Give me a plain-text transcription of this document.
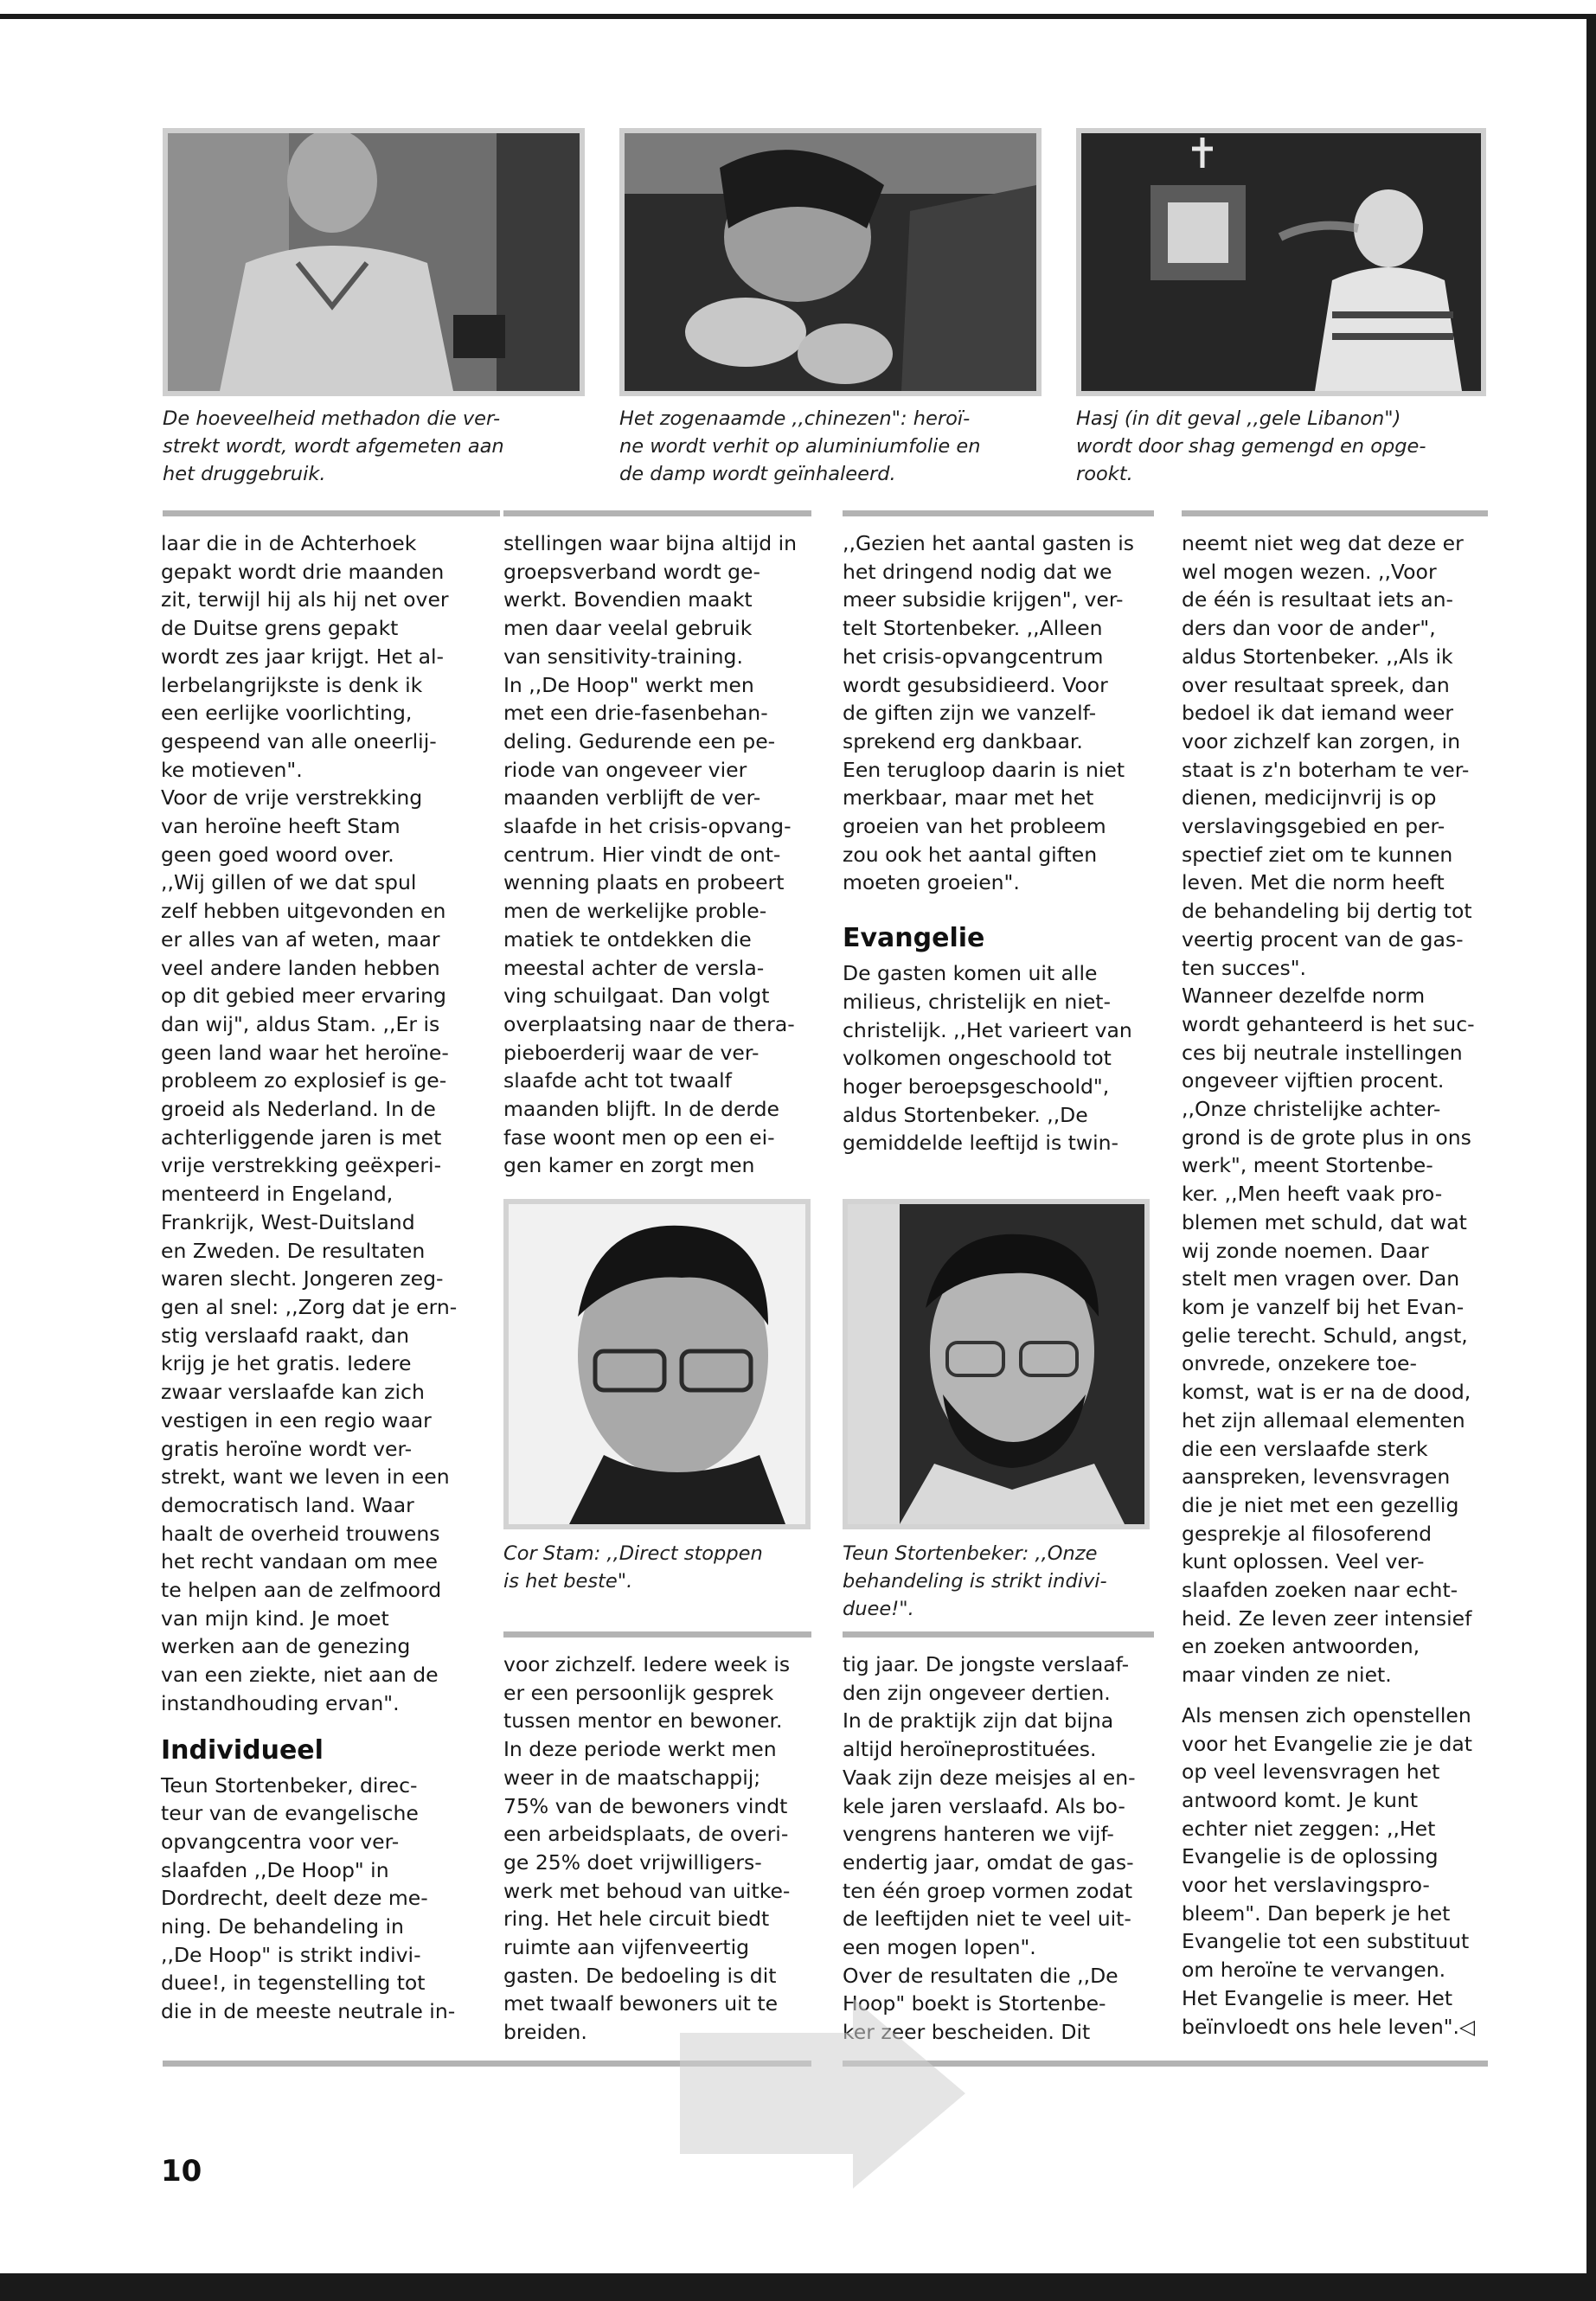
De hoeveelheid methadon die ver-
strekt wordt, wordt afgemeten aan
het druggebruik.

Het zogenaamde ,,chinezen": heroï-
ne wordt verhit op aluminiumfolie en
de damp wordt geïnhaleerd.

Hasj (in dit geval ,,gele Libanon")
wordt door shag gemengd en opge-
rookt.

laar die in de Achterhoek
gepakt wordt drie maanden
zit, terwijl hij als hij net over
de Duitse grens gepakt
wordt zes jaar krijgt. Het al-
lerbelangrijkste is denk ik
een eerlijke voorlichting,
gespeend van alle oneerlij-
ke motieven".
Voor de vrije verstrekking
van heroïne heeft Stam
geen goed woord over.
,,Wij gillen of we dat spul
zelf hebben uitgevonden en
er alles van af weten, maar
veel andere landen hebben
op dit gebied meer ervaring
dan wij", aldus Stam. ,,Er is
geen land waar het heroïne-
probleem zo explosief is ge-
groeid als Nederland. In de
achterliggende jaren is met
vrije verstrekking geëxperi-
menteerd in Engeland,
Frankrijk, West-Duitsland
en Zweden. De resultaten
waren slecht. Jongeren zeg-
gen al snel: ,,Zorg dat je ern-
stig verslaafd raakt, dan
krijg je het gratis. Iedere
zwaar verslaafde kan zich
vestigen in een regio waar
gratis heroïne wordt ver-
strekt, want we leven in een
democratisch land. Waar
haalt de overheid trouwens
het recht vandaan om mee
te helpen aan de zelfmoord
van mijn kind. Je moet
werken aan de genezing
van een ziekte, niet aan de
instandhouding ervan".

Individueel

Teun Stortenbeker, direc-
teur van de evangelische
opvangcentra voor ver-
slaafden ,,De Hoop" in
Dordrecht, deelt deze me-
ning. De behandeling in
,,De Hoop" is strikt indivi-
duee!, in tegenstelling tot
die in de meeste neutrale in-

stellingen waar bijna altijd in
groepsverband wordt ge-
werkt. Bovendien maakt
men daar veelal gebruik
van sensitivity-training.
In ,,De Hoop" werkt men
met een drie-fasenbehan-
deling. Gedurende een pe-
riode van ongeveer vier
maanden verblijft de ver-
slaafde in het crisis-opvang-
centrum. Hier vindt de ont-
wenning plaats en probeert
men de werkelijke proble-
matiek te ontdekken die
meestal achter de versla-
ving schuilgaat. Dan volgt
overplaatsing naar de thera-
pieboerderij waar de ver-
slaafde acht tot twaalf
maanden blijft. In de derde
fase woont men op een ei-
gen kamer en zorgt men

Cor Stam: ,,Direct stoppen
is het beste".

voor zichzelf. Iedere week is
er een persoonlijk gesprek
tussen mentor en bewoner.
In deze periode werkt men
weer in de maatschappij;
75% van de bewoners vindt
een arbeidsplaats, de overi-
ge 25% doet vrijwilligers-
werk met behoud van uitke-
ring. Het hele circuit biedt
ruimte aan vijfenveertig
gasten. De bedoeling is dit
met twaalf bewoners uit te
breiden.

,,Gezien het aantal gasten is
het dringend nodig dat we
meer subsidie krijgen", ver-
telt Stortenbeker. ,,Alleen
het crisis-opvangcentrum
wordt gesubsidieerd. Voor
de giften zijn we vanzelf-
sprekend erg dankbaar.
Een terugloop daarin is niet
merkbaar, maar met het
groeien van het probleem
zou ook het aantal giften
moeten groeien".

Evangelie

De gasten komen uit alle
milieus, christelijk en niet-
christelijk. ,,Het varieert van
volkomen ongeschoold tot
hoger beroepsgeschoold",
aldus Stortenbeker. ,,De
gemiddelde leeftijd is twin-

Teun Stortenbeker: ,,Onze
behandeling is strikt indivi-
duee!".

tig jaar. De jongste verslaaf-
den zijn ongeveer dertien.
In de praktijk zijn dat bijna
altijd heroïneprostituées.
Vaak zijn deze meisjes al en-
kele jaren verslaafd. Als bo-
vengrens hanteren we vijf-
endertig jaar, omdat de gas-
ten één groep vormen zodat
de leeftijden niet te veel uit-
een mogen lopen".
Over de resultaten die ,,De
Hoop" boekt is Stortenbe-
zeer bescheiden. Dit

neemt niet weg dat deze er
wel mogen wezen. ,,Voor
de één is resultaat iets an-
ders dan voor de ander",
aldus Stortenbeker. ,,Als ik
over resultaat spreek, dan
bedoel ik dat iemand weer
voor zichzelf kan zorgen, in
staat is z'n boterham te ver-
dienen, medicijnvrij is op
verslavingsgebied en per-
spectief ziet om te kunnen
leven. Met die norm heeft
de behandeling bij dertig tot
veertig procent van de gas-
ten succes".
Wanneer dezelfde norm
wordt gehanteerd is het suc-
ces bij neutrale instellingen
ongeveer vijftien procent.
,,Onze christelijke achter-
grond is de grote plus in ons
werk", meent Stortenbe-
ker. ,,Men heeft vaak pro-
blemen met schuld, dat wat
wij zonde noemen. Daar
stelt men vragen over. Dan
kom je vanzelf bij het Evan-
gelie terecht. Schuld, angst,
onvrede, onzekere toe-
komst, wat is er na de dood,
het zijn allemaal elementen
die een verslaafde sterk
aanspreken, levensvragen
die je niet met een gezellig
gesprekje al filosoferend
kunt oplossen. Veel ver-
slaafden zoeken naar echt-
heid. Ze leven zeer intensief
en zoeken antwoorden,
maar vinden ze niet.

Als mensen zich openstellen
voor het Evangelie zie je dat
op veel levensvragen het
antwoord komt. Je kunt
echter niet zeggen: ,,Het
Evangelie is de oplossing
voor het verslavingspro-
bleem". Dan beperk je het
Evangelie tot een substituut
om heroïne te vervangen.
Het Evangelie is meer. Het
beïnvloedt ons hele leven".◁

10
